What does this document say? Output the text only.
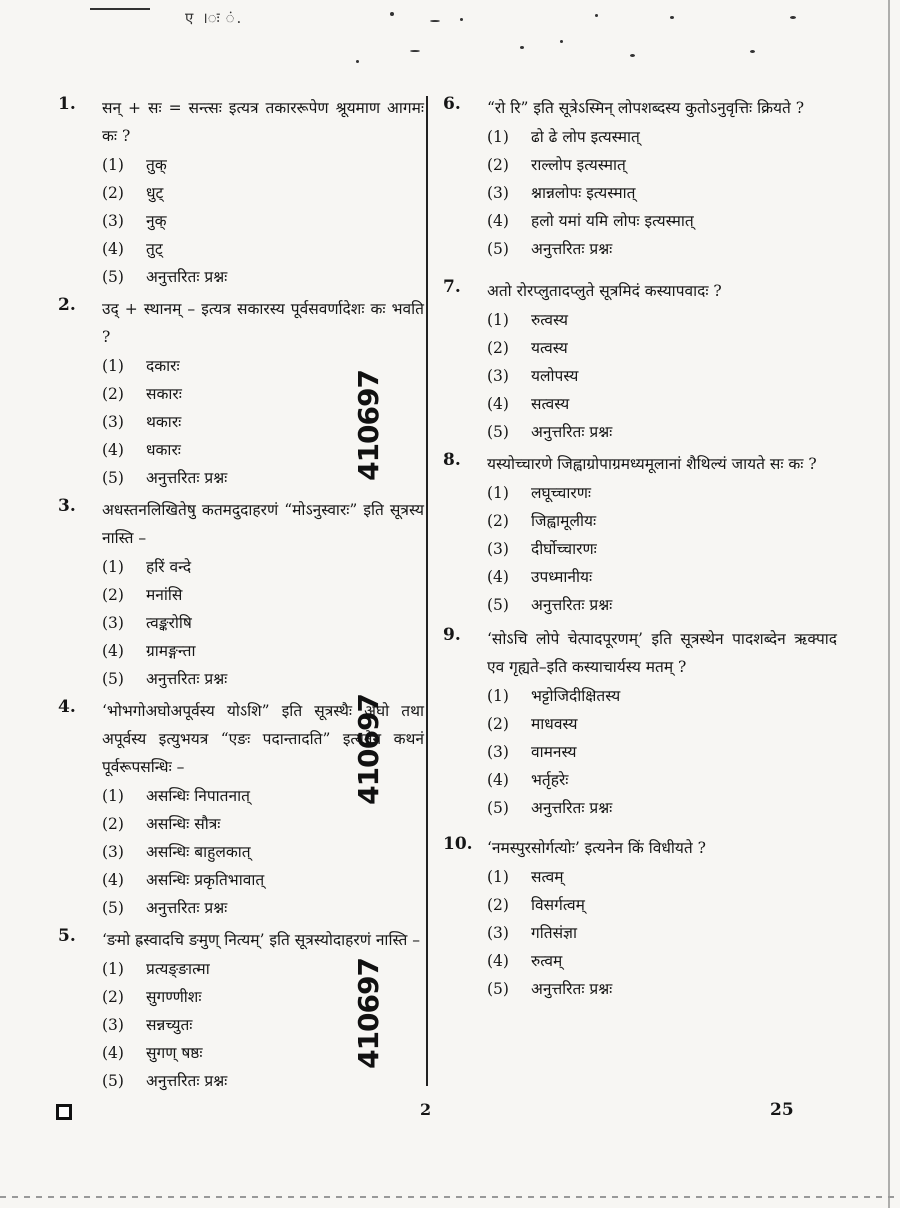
ए ।ः ं.
1. सन् + सः = सन्त्सः इत्यत्र तकाररूपेण श्रूयमाण आगमः कः ?
(1)	तुक्
(2)	धुट्
(3)	नुक्
(4)	तुट्
(5)	अनुत्तरितः प्रश्नः
2. उद् + स्थानम् – इत्यत्र सकारस्य पूर्वसवर्णादेशः कः भवति ?
(1)	दकारः
(2)	सकारः
(3)	थकारः
(4)	धकारः
(5)	अनुत्तरितः प्रश्नः
3. अधस्तनलिखितेषु कतमदुदाहरणं “मोऽनुस्वारः” इति सूत्रस्य नास्ति –
(1)	हरिं वन्दे
(2)	मनांसि
(3)	त्वङ्करोषि
(4)	ग्रामङ्गन्ता
(5)	अनुत्तरितः प्रश्नः
4. ‘भोभगोअघोअपूर्वस्य योऽशि” इति सूत्रस्थैः अघो तथा अपूर्वस्य इत्युभयत्र “एङः पदान्तादति” इत्यनेन कथनं पूर्वरूपसन्धिः –
(1)	असन्धिः निपातनात्
(2)	असन्धिः सौत्रः
(3)	असन्धिः बाहुलकात्
(4)	असन्धिः प्रकृतिभावात्
(5)	अनुत्तरितः प्रश्नः
5. ‘ङमो ह्रस्वादचि ङमुण् नित्यम्’ इति सूत्रस्योदाहरणं नास्ति –
(1)	प्रत्यङ्ङात्मा
(2)	सुगण्णीशः
(3)	सन्नच्युतः
(4)	सुगण् षष्ठः
(5)	अनुत्तरितः प्रश्नः
6. “रो रि” इति सूत्रेऽस्मिन् लोपशब्दस्य कुतोऽनुवृत्तिः क्रियते ?
(1)	ढो ढे लोप इत्यस्मात्
(2)	राल्लोप इत्यस्मात्
(3)	श्नान्नलोपः इत्यस्मात्
(4)	हलो यमां यमि लोपः इत्यस्मात्
(5)	अनुत्तरितः प्रश्नः
7. अतो रोरप्लुतादप्लुते सूत्रमिदं कस्यापवादः ?
(1)	रुत्वस्य
(2)	यत्वस्य
(3)	यलोपस्य
(4)	सत्वस्य
(5)	अनुत्तरितः प्रश्नः
8. यस्योच्चारणे जिह्वाग्रोपाग्रमध्यमूलानां शैथिल्यं जायते सः कः ?
(1)	लघूच्चारणः
(2)	जिह्वामूलीयः
(3)	दीर्घोच्चारणः
(4)	उपध्मानीयः
(5)	अनुत्तरितः प्रश्नः
9. ‘सोऽचि लोपे चेत्पादपूरणम्’ इति सूत्रस्थेन पादशब्देन ऋक्पाद एव गृह्यते–इति कस्याचार्यस्य मतम् ?
(1)	भट्टोजिदीक्षितस्य
(2)	माधवस्य
(3)	वामनस्य
(4)	भर्तृहरेः
(5)	अनुत्तरितः प्रश्नः
10. ‘नमस्पुरसोर्गत्योः’ इत्यनेन किं विधीयते ?
(1)	सत्वम्
(2)	विसर्गत्वम्
(3)	गतिसंज्ञा
(4)	रुत्वम्
(5)	अनुत्तरितः प्रश्नः
410697
410697
410697
2	25
